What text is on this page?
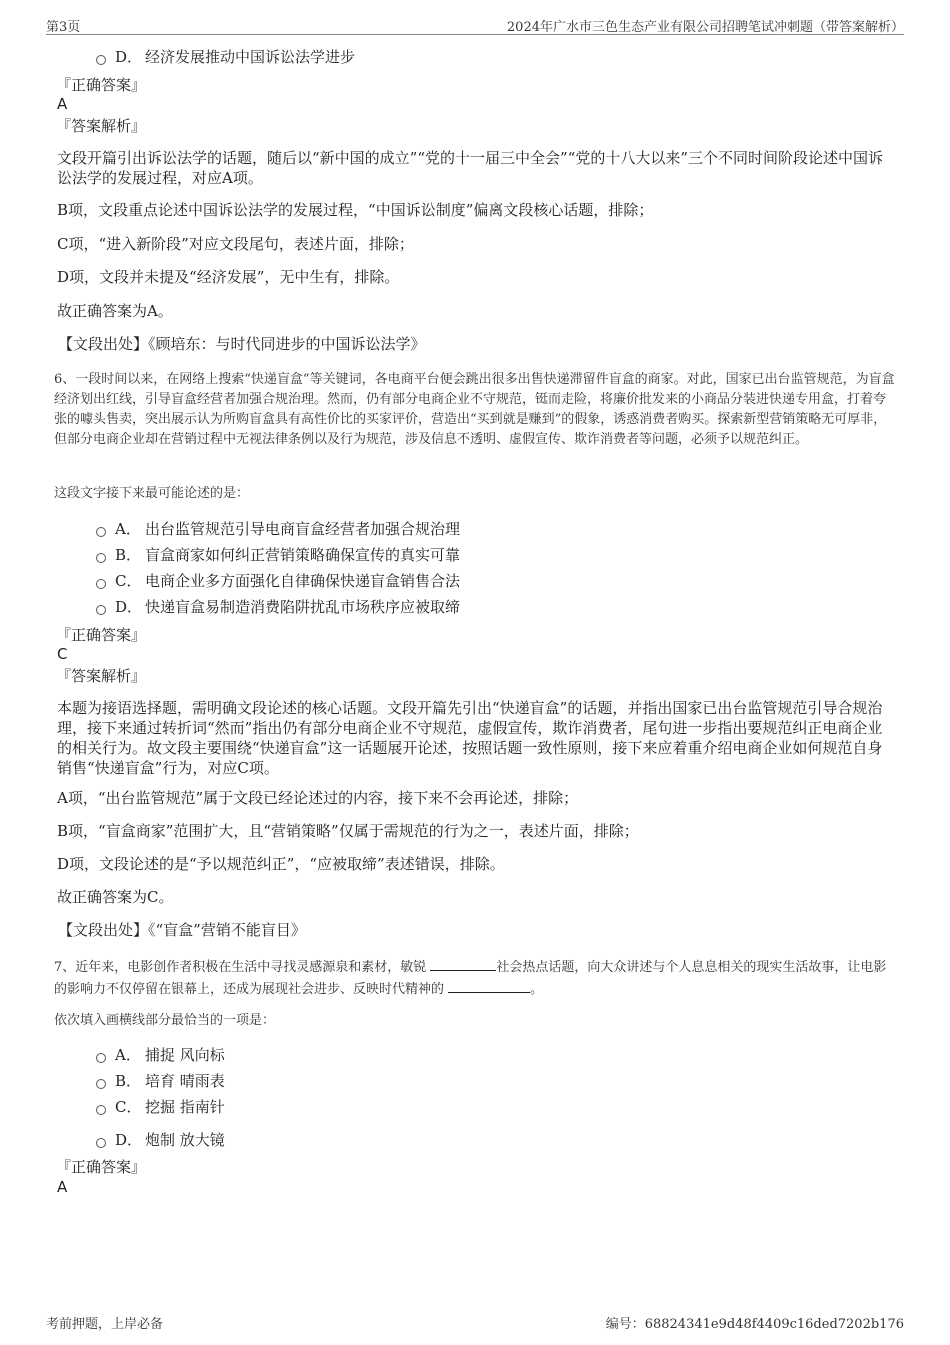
第3页	2024年广水市三色生态产业有限公司招聘笔试冲刺题（带答案解析）
D． 经济发展推动中国诉讼法学进步
『正确答案』
A
『答案解析』
文段开篇引出诉讼法学的话题，随后以“新中国的成立”“党的十一届三中全会”“党的十八大以来”三个不同时间阶段论述中国诉讼法学的发展过程，对应A项。
B项，文段重点论述中国诉讼法学的发展过程，“中国诉讼制度”偏离文段核心话题，排除；
C项，“进入新阶段”对应文段尾句，表述片面，排除；
D项，文段并未提及“经济发展”，无中生有，排除。
故正确答案为A。
【文段出处】《顾培东：与时代同进步的中国诉讼法学》
6、一段时间以来，在网络上搜索“快递盲盒”等关键词，各电商平台便会跳出很多出售快递滞留件盲盒的商家。对此，国家已出台监管规范，为盲盒经济划出红线，引导盲盒经营者加强合规治理。然而，仍有部分电商企业不守规范，铤而走险，将廉价批发来的小商品分装进快递专用盒，打着夸张的噱头售卖，突出展示认为所购盲盒具有高性价比的买家评价，营造出“买到就是赚到”的假象，诱惑消费者购买。探索新型营销策略无可厚非，但部分电商企业却在营销过程中无视法律条例以及行为规范，涉及信息不透明、虚假宣传、欺诈消费者等问题，必须予以规范纠正。
这段文字接下来最可能论述的是：
A． 出台监管规范引导电商盲盒经营者加强合规治理
B． 盲盒商家如何纠正营销策略确保宣传的真实可靠
C． 电商企业多方面强化自律确保快递盲盒销售合法
D． 快递盲盒易制造消费陷阱扰乱市场秩序应被取缔
『正确答案』
C
『答案解析』
本题为接语选择题，需明确文段论述的核心话题。文段开篇先引出“快递盲盒”的话题，并指出国家已出台监管规范引导合规治理，接下来通过转折词“然而”指出仍有部分电商企业不守规范，虚假宣传，欺诈消费者，尾句进一步指出要规范纠正电商企业的相关行为。故文段主要围绕“快递盲盒”这一话题展开论述，按照话题一致性原则，接下来应着重介绍电商企业如何规范自身销售“快递盲盒”行为，对应C项。
A项，“出台监管规范”属于文段已经论述过的内容，接下来不会再论述，排除；
B项，“盲盒商家”范围扩大，且“营销策略”仅属于需规范的行为之一，表述片面，排除；
D项，文段论述的是“予以规范纠正”，“应被取缔”表述错误，排除。
故正确答案为C。
【文段出处】《“盲盒”营销不能盲目》
7、近年来，电影创作者积极在生活中寻找灵感源泉和素材，敏锐	社会热点话题，向大众讲述与个人息息相关的现实生活故事，让电影的影响力不仅停留在银幕上，还成为展现社会进步、反映时代精神的	。
依次填入画横线部分最恰当的一项是：
A． 捕捉 风向标
B． 培育 晴雨表
C． 挖掘 指南针
D． 炮制 放大镜
『正确答案』
A
考前押题，上岸必备	编号：68824341e9d48f4409c16ded7202b176
